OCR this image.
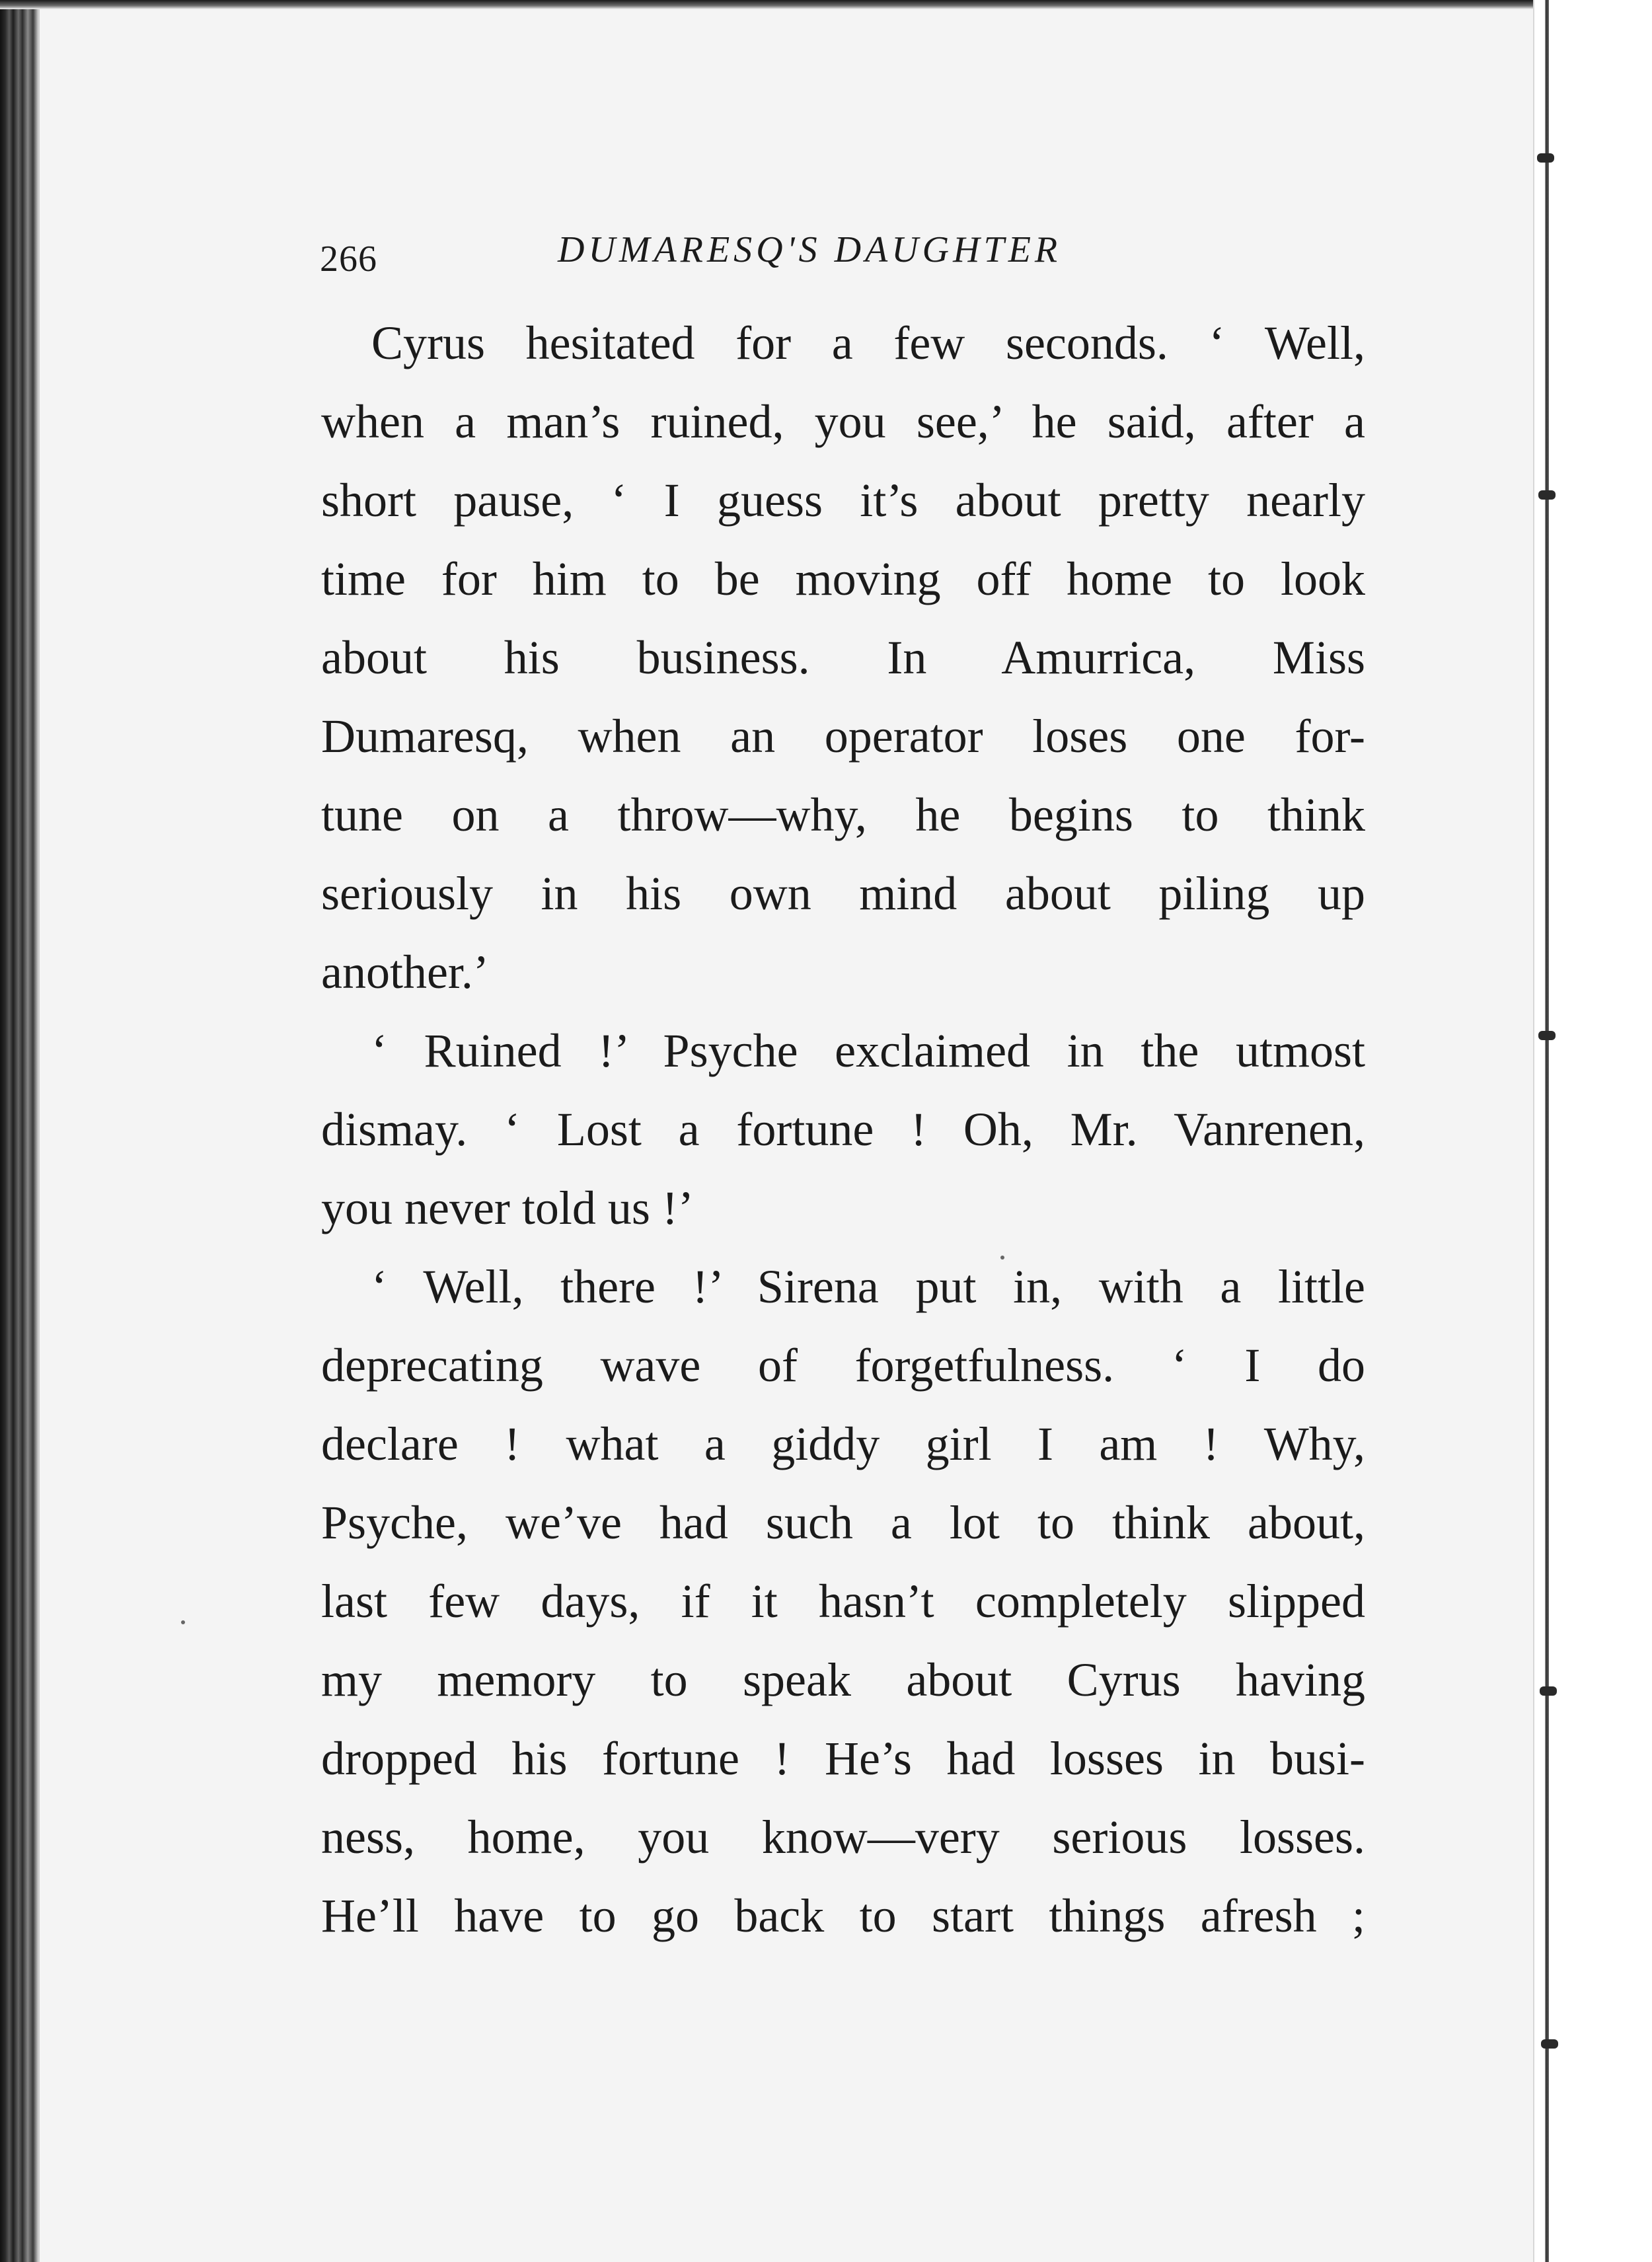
266	DUMARESQ'S DAUGHTER
Cyrus hesitated for a few seconds. ‘ Well,
when a man’s ruined, you see,’ he said, after a
short pause, ‘ I guess it’s about pretty nearly
time for him to be moving off home to look
about his business. In Amurrica, Miss
Dumaresq, when an operator loses one for-
tune on a throw—why, he begins to think
seriously in his own mind about piling up
another.’
‘ Ruined !’ Psyche exclaimed in the utmost
dismay. ‘ Lost a fortune ! Oh, Mr. Vanrenen,
you never told us !’
‘ Well, there !’ Sirena put in, with a little
deprecating wave of forgetfulness. ‘ I do
declare ! what a giddy girl I am ! Why,
Psyche, we’ve had such a lot to think about,
last few days, if it hasn’t completely slipped
my memory to speak about Cyrus having
dropped his fortune ! He’s had losses in busi-
ness, home, you know—very serious losses.
He’ll have to go back to start things afresh ;
